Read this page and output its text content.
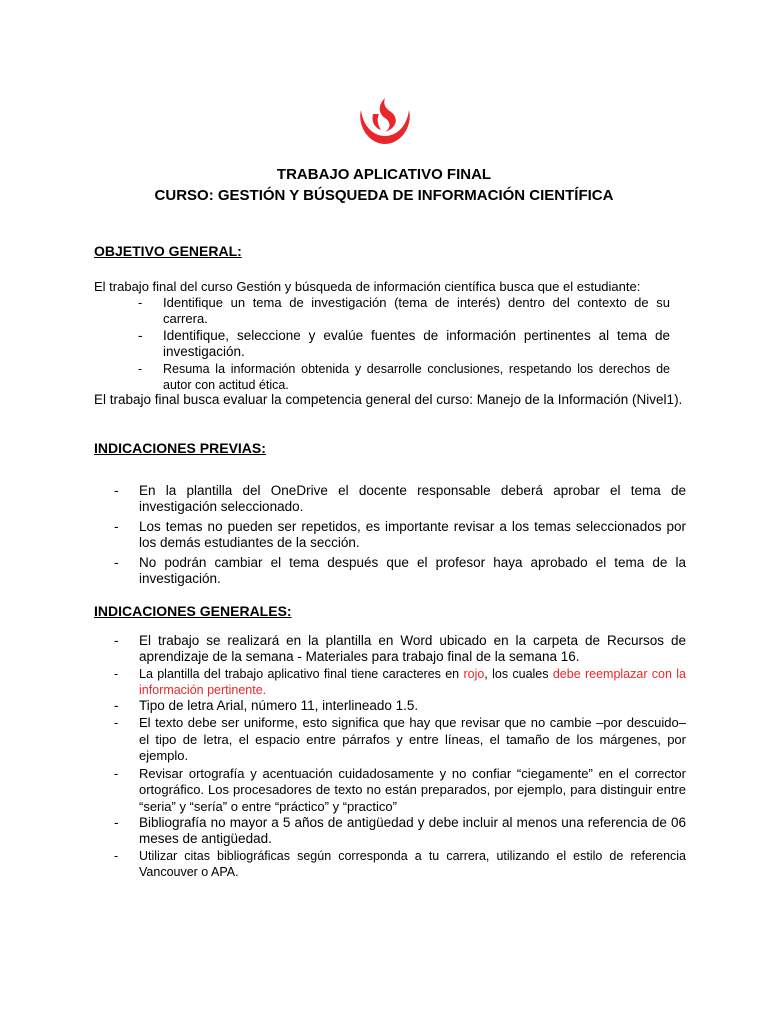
TRABAJO APLICATIVO FINAL
CURSO: GESTIÓN Y BÚSQUEDA DE INFORMACIÓN CIENTÍFICA
OBJETIVO GENERAL:
El trabajo final del curso Gestión y búsqueda de información científica busca que el estudiante:
- Identifique un tema de investigación (tema de interés) dentro del contexto de su carrera.
- Identifique, seleccione y evalúe fuentes de información pertinentes al tema de investigación.
- Resuma la información obtenida y desarrolle conclusiones, respetando los derechos de autor con actitud ética.
El trabajo final busca evaluar la competencia general del curso: Manejo de la Información (Nivel1).
INDICACIONES PREVIAS:
- En la plantilla del OneDrive el docente responsable deberá aprobar el tema de investigación seleccionado.
- Los temas no pueden ser repetidos, es importante revisar a los temas seleccionados por los demás estudiantes de la sección.
- No podrán cambiar el tema después que el profesor haya aprobado el tema de la investigación.
INDICACIONES GENERALES:
- El trabajo se realizará en la plantilla en Word ubicado en la carpeta de Recursos de aprendizaje de la semana - Materiales para trabajo final de la semana 16.
- La plantilla del trabajo aplicativo final tiene caracteres en rojo, los cuales debe reemplazar con la información pertinente.
- Tipo de letra Arial, número 11, interlineado 1.5.
- El texto debe ser uniforme, esto significa que hay que revisar que no cambie –por descuido– el tipo de letra, el espacio entre párrafos y entre líneas, el tamaño de los márgenes, por ejemplo.
- Revisar ortografía y acentuación cuidadosamente y no confiar “ciegamente” en el corrector ortográfico. Los procesadores de texto no están preparados, por ejemplo, para distinguir entre “seria” y “sería” o entre “práctico” y “practico”
- Bibliografía no mayor a 5 años de antigüedad y debe incluir al menos una referencia de 06 meses de antigüedad.
- Utilizar citas bibliográficas según corresponda a tu carrera, utilizando el estilo de referencia Vancouver o APA.
